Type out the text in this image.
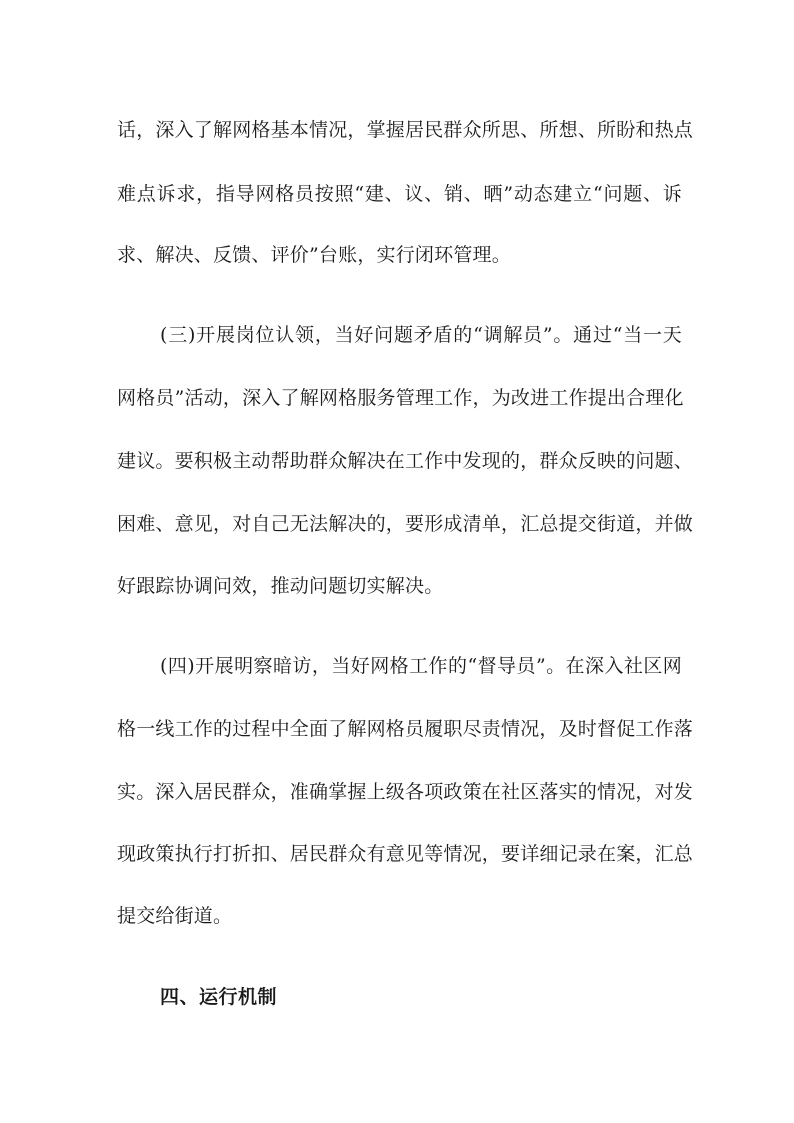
话，深入了解网格基本情况，掌握居民群众所思、所想、所盼和热点
难点诉求，指导网格员按照“建、议、销、晒”动态建立“问题、诉
求、解决、反馈、评价”台账，实行闭环管理。
(三)开展岗位认领，当好问题矛盾的“调解员”。通过“当一天
网格员”活动，深入了解网格服务管理工作，为改进工作提出合理化
建议。要积极主动帮助群众解决在工作中发现的，群众反映的问题、
困难、意见，对自己无法解决的，要形成清单，汇总提交街道，并做
好跟踪协调问效，推动问题切实解决。
(四)开展明察暗访，当好网格工作的“督导员”。在深入社区网
格一线工作的过程中全面了解网格员履职尽责情况，及时督促工作落
实。深入居民群众，准确掌握上级各项政策在社区落实的情况，对发
现政策执行打折扣、居民群众有意见等情况，要详细记录在案，汇总
提交给街道。
四、运行机制
